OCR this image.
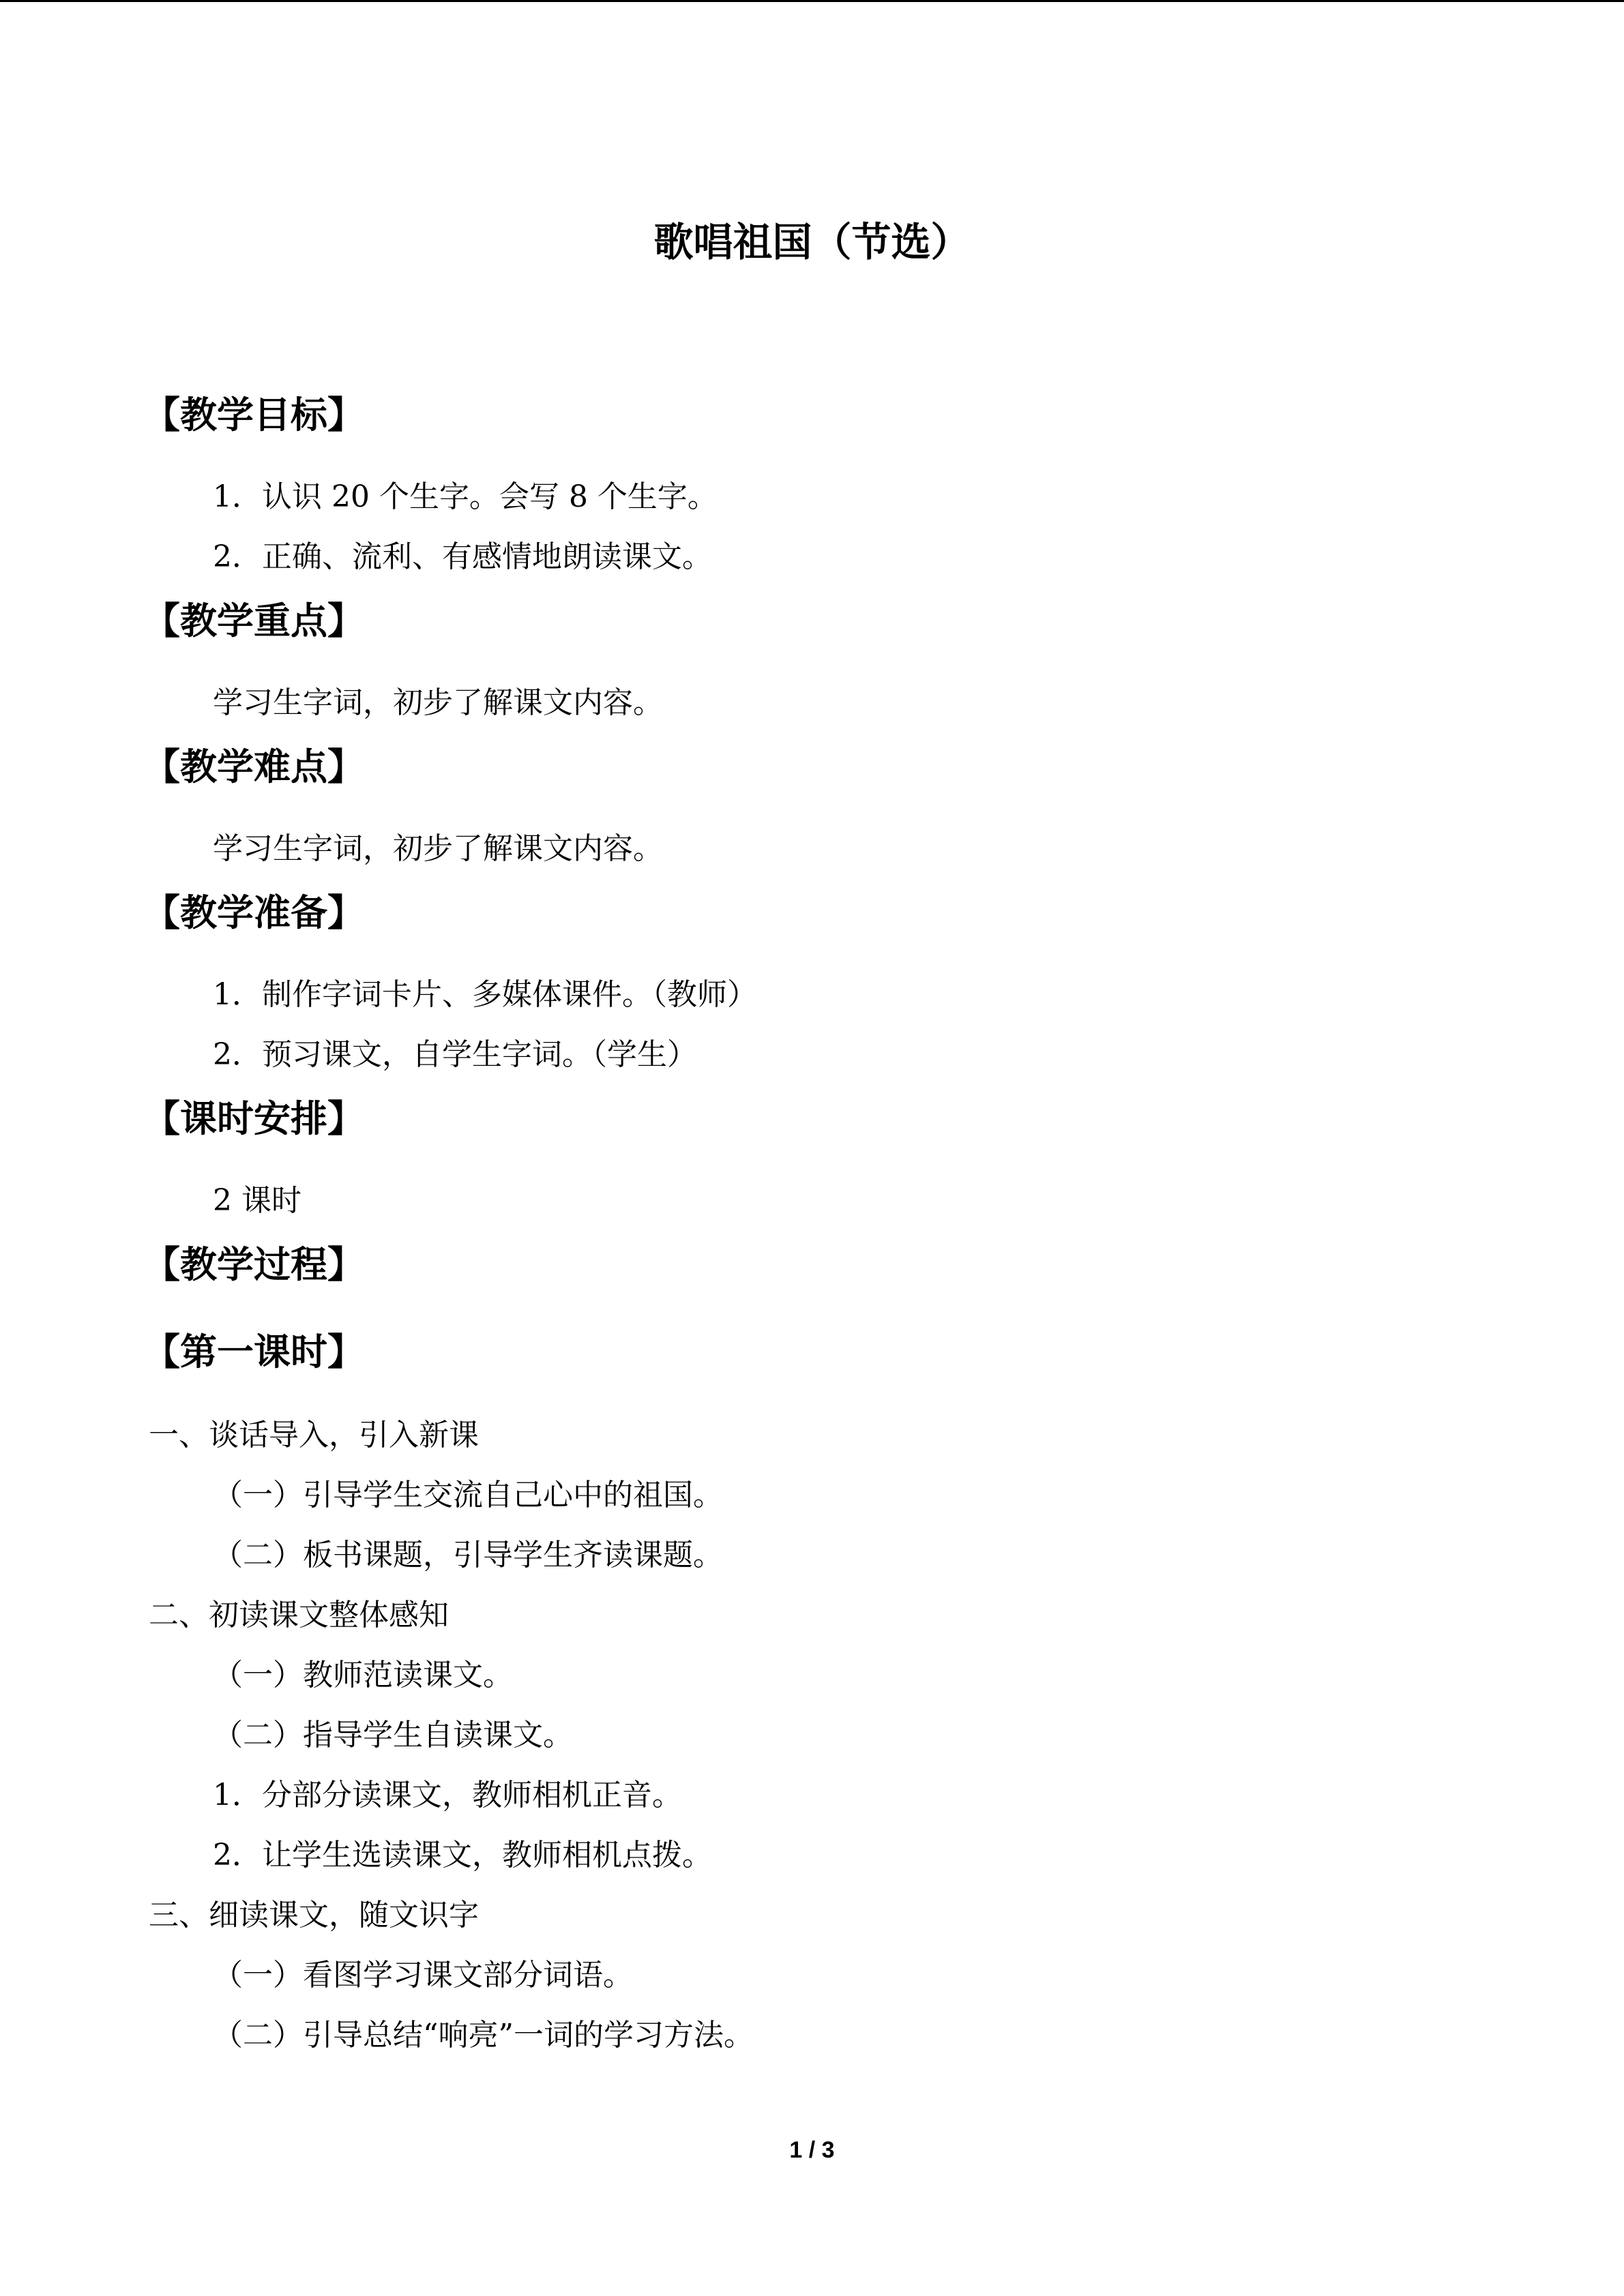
歌唱祖国（节选）
【教学目标】
1．认识 20 个生字。会写 8 个生字。
2．正确、流利、有感情地朗读课文。
【教学重点】
学习生字词，初步了解课文内容。
【教学难点】
学习生字词，初步了解课文内容。
【教学准备】
1．制作字词卡片、多媒体课件。（教师）
2．预习课文，自学生字词。（学生）
【课时安排】
2 课时
【教学过程】
【第一课时】
一、谈话导入，引入新课
（一）引导学生交流自己心中的祖国。
（二）板书课题，引导学生齐读课题。
二、初读课文整体感知
（一）教师范读课文。
（二）指导学生自读课文。
1．分部分读课文，教师相机正音。
2．让学生选读课文，教师相机点拨。
三、细读课文，随文识字
（一）看图学习课文部分词语。
（二）引导总结“响亮”一词的学习方法。
1 / 3
